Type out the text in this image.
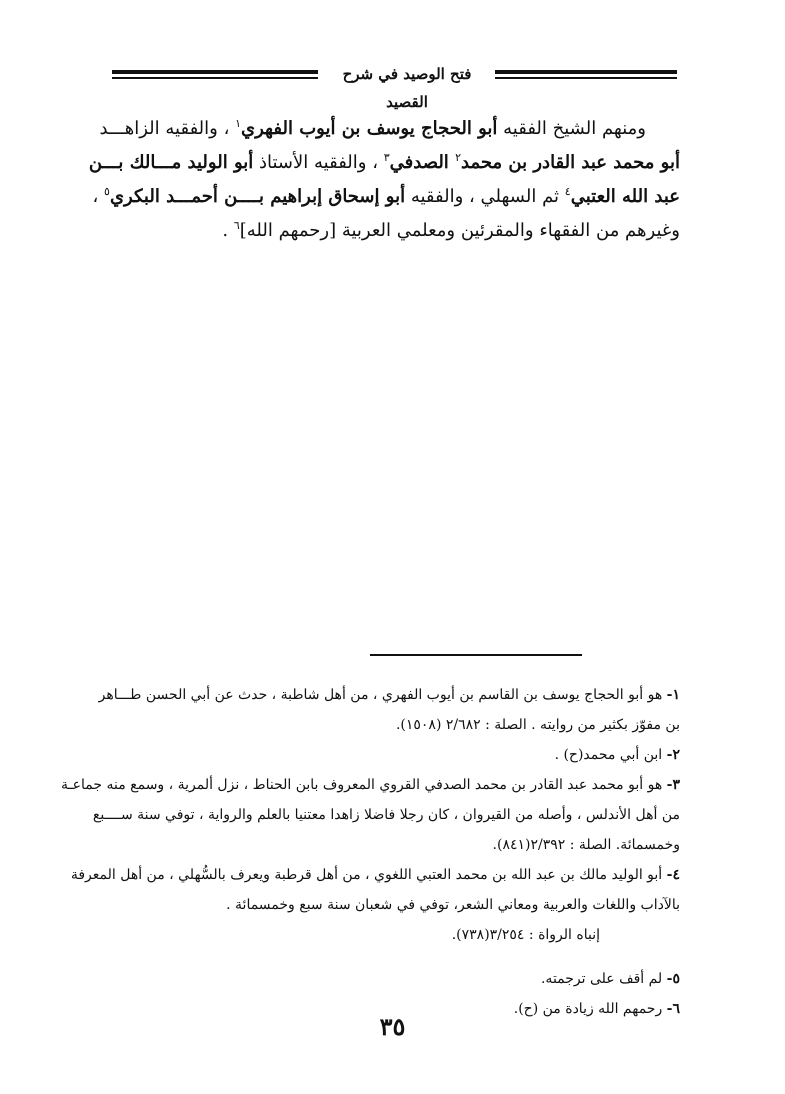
فتح الوصيد في شرح القصيد
ومنهم الشيخ الفقيه أبو الحجاج يوسف بن أيوب الفهري$^١$ ، والفقيه الزاهـــد
أبو محمد عبد القادر بن محمد$^٢$ الصدفي$^٣$ ، والفقيه الأستاذ أبو الوليد مـــالك بـــن
عبد الله العتبي$^٤$ ثم السهلي ، والفقيه أبو إسحاق إبراهيم بــــن أحمـــد البكري$^٥$ ،
وغيرهم من الفقهاء والمقرئين ومعلمي العربية [رحمهم الله]$^٦$ .
١- هو أبو الحجاج يوسف بن القاسم بن أيوب الفهري ، من أهل شاطبة ، حدث عن أبي الحسن طـــاهر
بن مفوّز بكثير من روايته . الصلة : ٢/٦٨٢ (١٥٠٨).
٢- ابن أبي محمد(ح) .
٣- هو أبو محمد عبد القادر بن محمد الصدفي القروي المعروف بابن الحناط ، نزل ألمرية ، وسمع منه جماعـة
من أهل الأندلس ، وأصله من القيروان ، كان رجلا فاضلا زاهدا معتنيا بالعلم والرواية ، توفي سنة ســــبع
وخمسمائة. الصلة : ٢/٣٩٢(٨٤١).
٤- أبو الوليد مالك بن عبد الله بن محمد العتبي اللغوي ، من أهل قرطبة ويعرف بالسُّهلي ، من أهل المعرفة
بالآداب واللغات والعربية ومعاني الشعر، توفي في شعبان سنة سبع وخمسمائة .
إنباه الرواة : ٣/٢٥٤(٧٣٨).
٥- لم أقف على ترجمته.
٦- رحمهم الله زيادة من (ح).
٣٥
